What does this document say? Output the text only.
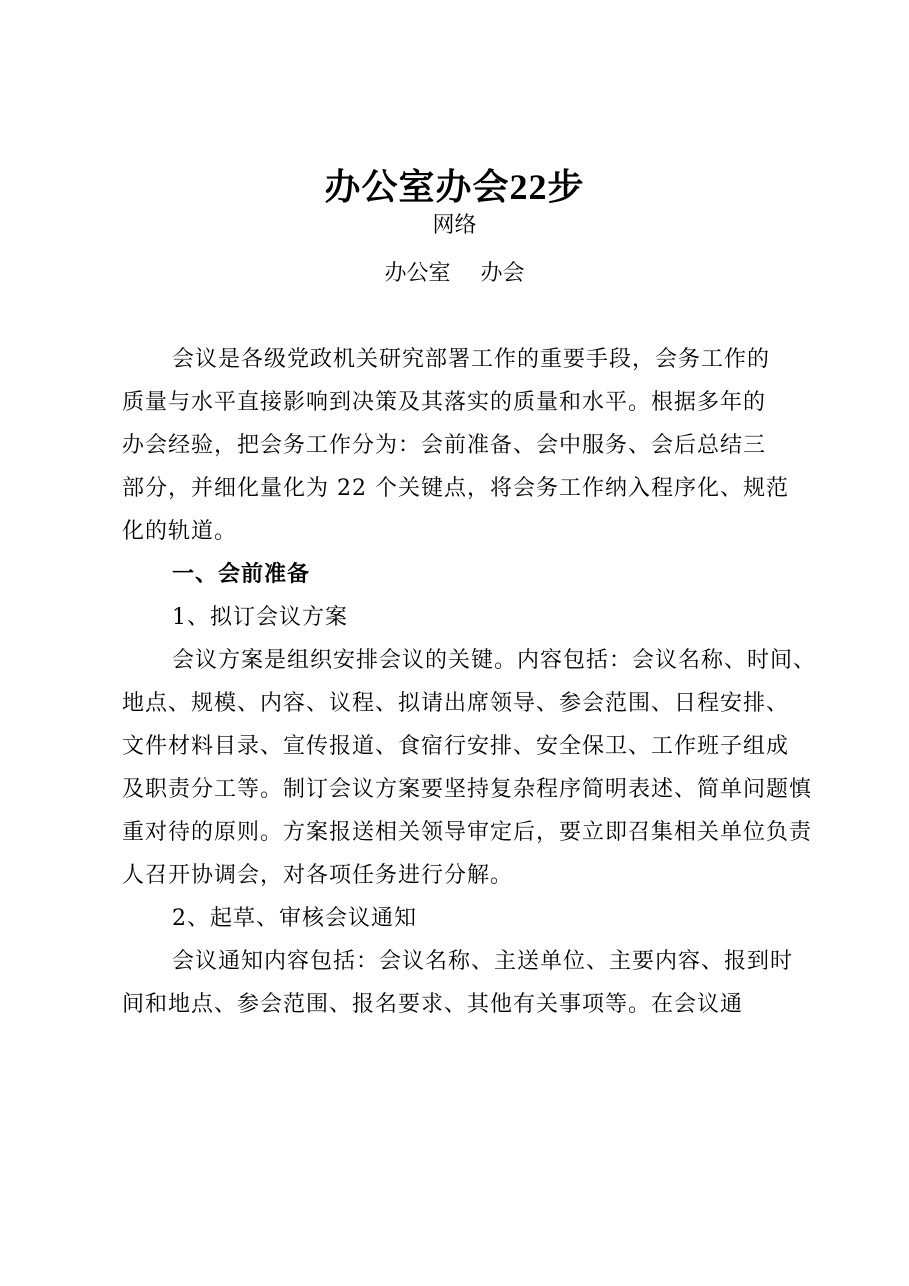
办公室办会22步
网络
办公室 办会
会议是各级党政机关研究部署工作的重要手段，会务工作的
质量与水平直接影响到决策及其落实的质量和水平。根据多年的
办会经验，把会务工作分为：会前准备、会中服务、会后总结三
部分，并细化量化为 22 个关键点，将会务工作纳入程序化、规范
化的轨道。
一、会前准备
1、拟订会议方案
会议方案是组织安排会议的关键。内容包括：会议名称、时间、
地点、规模、内容、议程、拟请出席领导、参会范围、日程安排、
文件材料目录、宣传报道、食宿行安排、安全保卫、工作班子组成
及职责分工等。制订会议方案要坚持复杂程序简明表述、简单问题慎
重对待的原则。方案报送相关领导审定后，要立即召集相关单位负责
人召开协调会，对各项任务进行分解。
2、起草、审核会议通知
会议通知内容包括：会议名称、主送单位、主要内容、报到时
间和地点、参会范围、报名要求、其他有关事项等。在会议通
